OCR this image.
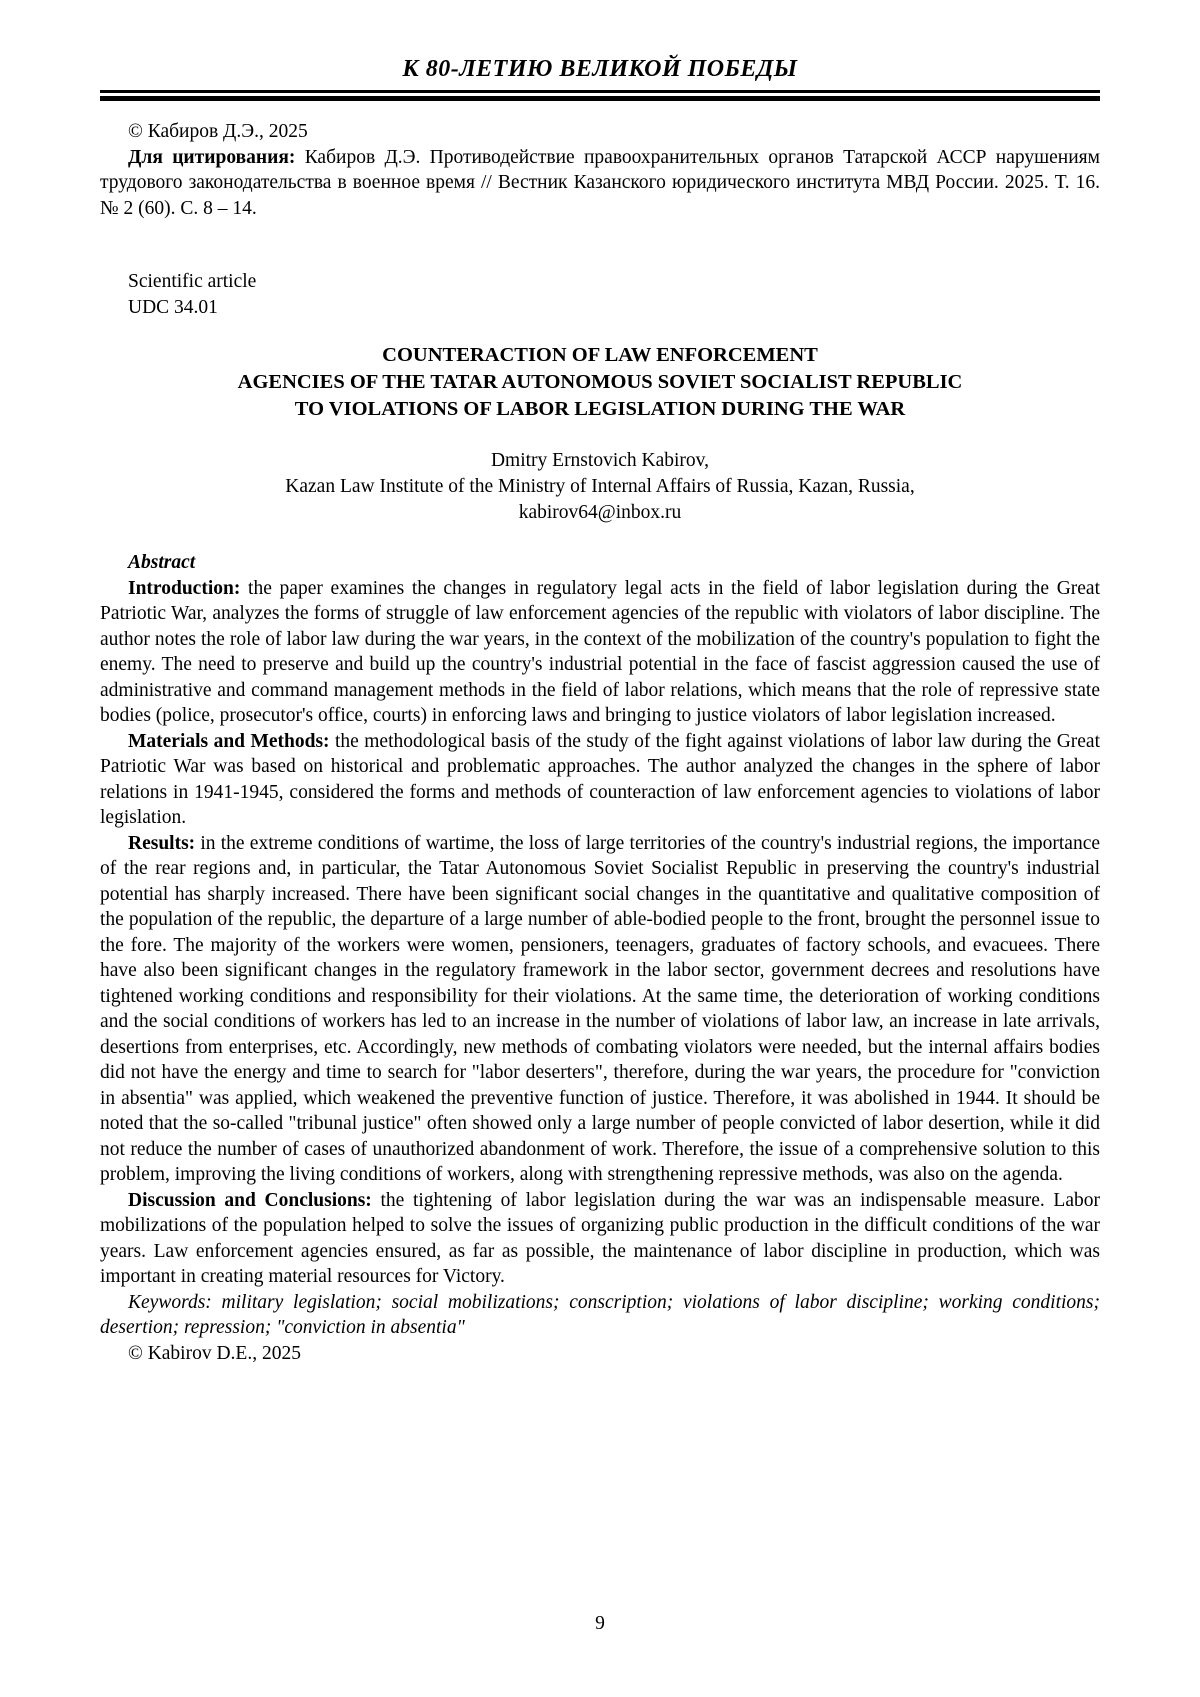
К 80-ЛЕТИЮ ВЕЛИКОЙ ПОБЕДЫ

© Кабиров Д.Э., 2025

Для цитирования: Кабиров Д.Э. Противодействие правоохранительных органов Татарской АССР нарушениям трудового законодательства в военное время // Вестник Казанского юридического института МВД России. 2025. Т. 16. № 2 (60). С. 8 – 14.

Scientific article

UDC 34.01

COUNTERACTION OF LAW ENFORCEMENT
AGENCIES OF THE TATAR AUTONOMOUS SOVIET SOCIALIST REPUBLIC
TO VIOLATIONS OF LABOR LEGISLATION DURING THE WAR
Dmitry Ernstovich Kabirov,
Kazan Law Institute of the Ministry of Internal Affairs of Russia, Kazan, Russia,
kabirov64@inbox.ru

Abstract

Introduction: the paper examines the changes in regulatory legal acts in the field of labor legislation during the Great Patriotic War, analyzes the forms of struggle of law enforcement agencies of the republic with violators of labor discipline. The author notes the role of labor law during the war years, in the context of the mobilization of the country's population to fight the enemy. The need to preserve and build up the country's industrial potential in the face of fascist aggression caused the use of administrative and command management methods in the field of labor relations, which means that the role of repressive state bodies (police, prosecutor's office, courts) in enforcing laws and bringing to justice violators of labor legislation increased.

Materials and Methods: the methodological basis of the study of the fight against violations of labor law during the Great Patriotic War was based on historical and problematic approaches. The author analyzed the changes in the sphere of labor relations in 1941-1945, considered the forms and methods of counteraction of law enforcement agencies to violations of labor legislation.

Results: in the extreme conditions of wartime, the loss of large territories of the country's industrial regions, the importance of the rear regions and, in particular, the Tatar Autonomous Soviet Socialist Republic in preserving the country's industrial potential has sharply increased. There have been significant social changes in the quantitative and qualitative composition of the population of the republic, the departure of a large number of able-bodied people to the front, brought the personnel issue to the fore. The majority of the workers were women, pensioners, teenagers, graduates of factory schools, and evacuees. There have also been significant changes in the regulatory framework in the labor sector, government decrees and resolutions have tightened working conditions and responsibility for their violations. At the same time, the deterioration of working conditions and the social conditions of workers has led to an increase in the number of violations of labor law, an increase in late arrivals, desertions from enterprises, etc. Accordingly, new methods of combating violators were needed, but the internal affairs bodies did not have the energy and time to search for "labor deserters", therefore, during the war years, the procedure for "conviction in absentia" was applied, which weakened the preventive function of justice. Therefore, it was abolished in 1944. It should be noted that the so-called "tribunal justice" often showed only a large number of people convicted of labor desertion, while it did not reduce the number of cases of unauthorized abandonment of work. Therefore, the issue of a comprehensive solution to this problem, improving the living conditions of workers, along with strengthening repressive methods, was also on the agenda.

Discussion and Conclusions: the tightening of labor legislation during the war was an indispensable measure. Labor mobilizations of the population helped to solve the issues of organizing public production in the difficult conditions of the war years. Law enforcement agencies ensured, as far as possible, the maintenance of labor discipline in production, which was important in creating material resources for Victory.

Keywords: military legislation; social mobilizations; conscription; violations of labor discipline; working conditions; desertion; repression; "conviction in absentia"

© Kabirov D.E., 2025

9
